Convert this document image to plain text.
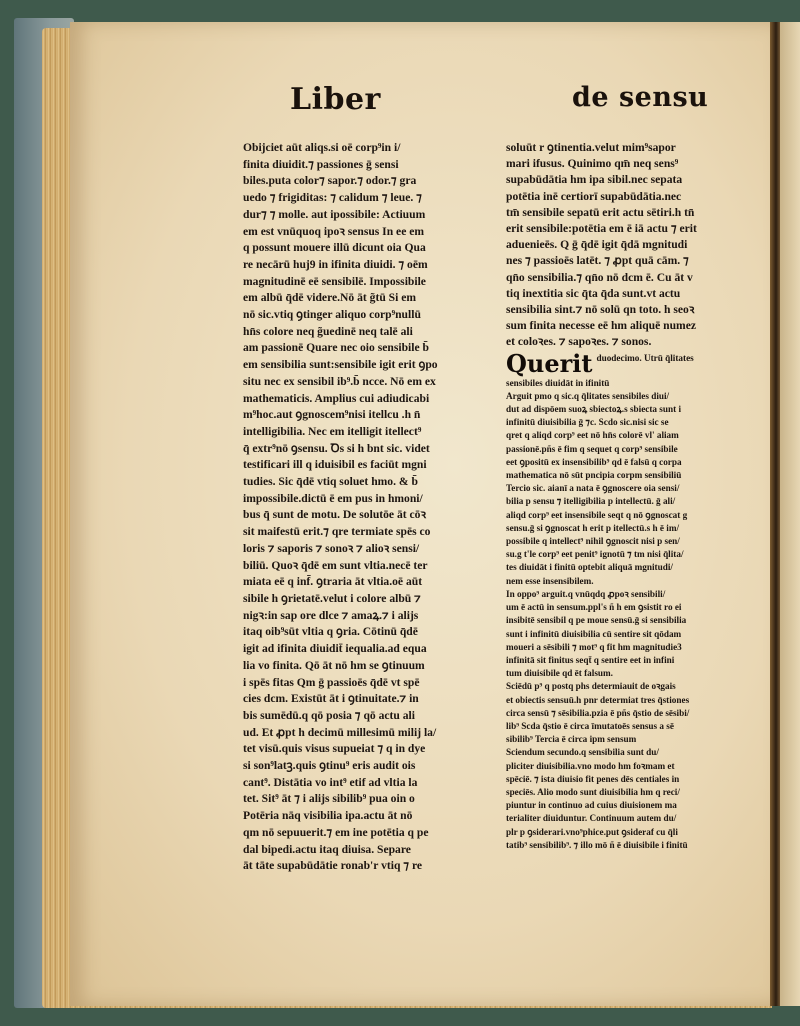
Liber	de sensu
Obijciet aūt aliqs.si oē corp⁹in i/
finita diuidit.⁊ passiones ḡ sensi
biles.puta color⁊ sapor.⁊ odor.⁊ gra
uedo ⁊ frigiditas: ⁊ calidum ⁊ leue. ⁊
dur⁊ ⁊ molle. aut ipossibile: Actiuum
em est vnūquoq ipoꝛ sensus In ee em
q possunt mouere illū dicunt oia Qua
re necārū huj9 in ifinita diuidi. ⁊ oēm
magnitudinē eē sensibilē. Impossibile
em albū q̄dē videre.Nō āt g̃tū Si em
nō sic.vtiq ꝯtinger aliquo corp⁹nullū
hn̄s colore neq g̃uedinē neq talē ali
am passionē Quare nec oio sensibile b̄
em sensibilia sunt:sensibile igit erit ꝯpo
situ nec ex sensibil ib⁹.b̄ ncce. Nō em ex
mathematicis. Amplius cui adiudicabi
m⁹hoc.aut ꝯgnoscem⁹nisi itellcu .h n̄
intelligibilia. Nec em itelligit itellect⁹
q̄ extr⁹nō ꝯsensu. Ꝺs si h bnt sic. videt
testificari ill q iduisibil es faciūt mgni
tudies. Sic q̄dē vtiq soluet hmo. & b̄
impossibile.dictū ē em pus in hmoni/
bus q̄ sunt de motu. De solutōe āt cōꝛ
sit maifestū erit.⁊ qre termiate spēs co
loris ⁊ saporis ⁊ sonoꝛ ⁊ alioꝛ sensi/
biliū. Quoꝛ q̄dē em sunt vltia.necē ter
miata eē q inf̄. ꝯtraria āt vltia.oē aūt
sibile h ꝯrietatē.velut i colore albū ⁊
nigꝛ:in sap ore dlce ⁊ amaꝝ.⁊ i alijs
itaq oib⁹sūt vltia q ꝯria. Cōtinū q̄dē
igit ad ifinita diuidit̄ iequalia.ad equa
lia vo finita. Qō āt nō hm se ꝯtinuum
i spēs fitas Qm ḡ passioēs q̄dē vt spē
cies dcm. Existūt āt i ꝯtinuitate.⁊ in
bis sumēdū.q qō posia ⁊ qō actu ali
ud. Et ꝓpt h decimū millesimū milij la/
tet visū.quis visus supueiat ⁊ q in dye
si son⁹latꝫ.quis ꝯtinu⁹ eris audit ois
cant⁹. Distātia vo int⁹ etif ad vltia la
tet. Sit⁹ āt ⁊ i alijs sibilib⁹ pua oin o
Potēria nāq visibilia ipa.actu āt nō
qm nō sepuuerit.⁊ em ine potētia q pe
dal bipedi.actu itaq diuisa. Separe
āt tāte supabūdātie ronab'r vtiq ⁊ re
soluūt r ꝯtinentia.velut mim⁹sapor
mari ifusus. Quinimo qm̄ neq sens⁹
supabūdātia hm ipa sibil.nec sepata
potētia inē certiorī supabūdātia.nec
tm̄ sensibile sepatū erit actu sētiri.h tn̄
erit sensibile:potētia em ē iā actu ⁊ erit
aduenieēs. Q ḡ q̄dē igit q̄dā mgnitudi
nes ⁊ passioēs latēt. ⁊ ꝓpt quā cām. ⁊
qn̄o sensibilia.⁊ qn̄o nō dcm ē. Cu āt v
tiq inextitia sic q̄ta q̄da sunt.vt actu
sensibilia sint.⁊ nō solū qn toto. h seoꝛ
sum finita necesse eē hm aliquē numez
et coloꝛes. ⁊ sapoꝛes. ⁊ sonos.
Querit $^{duodecimo. Utrū q̄litates}$
sensibiles diuidāt in ifinitū
Arguit pmo q sic.q q̄litates sensibiles diui/
dut ad dispōem suoꝝ sbiectoꝝ.s sbiecta sunt i
infinitū diuisibilia ḡ ⁊c. Scdo sic.nisi sic se
qret q aliqd corp⁹ eet nō hn̄s colorē vl' aliam
passionē.pñs ē fim q sequet q corp⁹ sensibile
eet ꝯpositū ex insensibilib⁹ qd ē falsū q corpa
mathematica nō sūt pncipia corpm sensibiliū
Tercio sic. aianī a nata ē ꝯgnoscere oia sensi/
bilia p sensu ⁊ itelligibilia p intellectū. ḡ ali/
aliqd corp⁹ eet insensibile seqt q nō ꝯgnoscat g
sensu.ḡ si ꝯgnoscat h erit p itellectū.s h ē im/
possibile q intellect⁹ nihil ꝯgnoscit nisi p sen/
su.g t'le corp⁹ eet penit⁹ ignotū ⁊ tm nisi q̄lita/
tes diuidāt i finitū optebit aliquā mgnitudi/
nem esse insensibilem.
In oppo⁹ arguit.q vnūqdq ꝓpoꝛ sensibili/
um ē actū in sensum.ppl's ñ h em ꝯsistit ro ei
insibitē sensibil q pe moue sensū.ḡ si sensibilia
sunt i infinitū diuisibilia cū sentire sit qōdam
moueri a sēsibili ⁊ mot⁹ q fit hm magnitudie3
infinitā sit finitus seqt̄ q sentire eet in infini
tum diuisibile qd ēt falsum.
Sciēdū p⁹ q postq phs determiauit de oꝛgais
et obiectis sensuū.h pnr determiat tres q̄stiones
circa sensū ⁊ sēsibilia.pzia ē pñs q̄stio de sēsibi/
lib⁹ Scda q̄stio ē circa īmutatoēs sensus a sē
sibilib⁹ Tercia ē circa ipm sensum
Sciendum secundo.q sensibilia sunt du/
pliciter diuisibilia.vno modo hm foꝛmam et
spēciē. ⁊ ista diuisio fit penes dēs centiales in
speciēs. Alio modo sunt diuisibilia hm q reci/
piuntur in continuo ad cuius diuisionem ma
terialiter diuiduntur. Continuum autem du/
plr p ꝯsiderari.vno⁹phice.put ꝯsideraf cu q̄li
tatib⁹ sensibilib⁹. ⁊ illo mō ñ ē diuisibile i finitū
